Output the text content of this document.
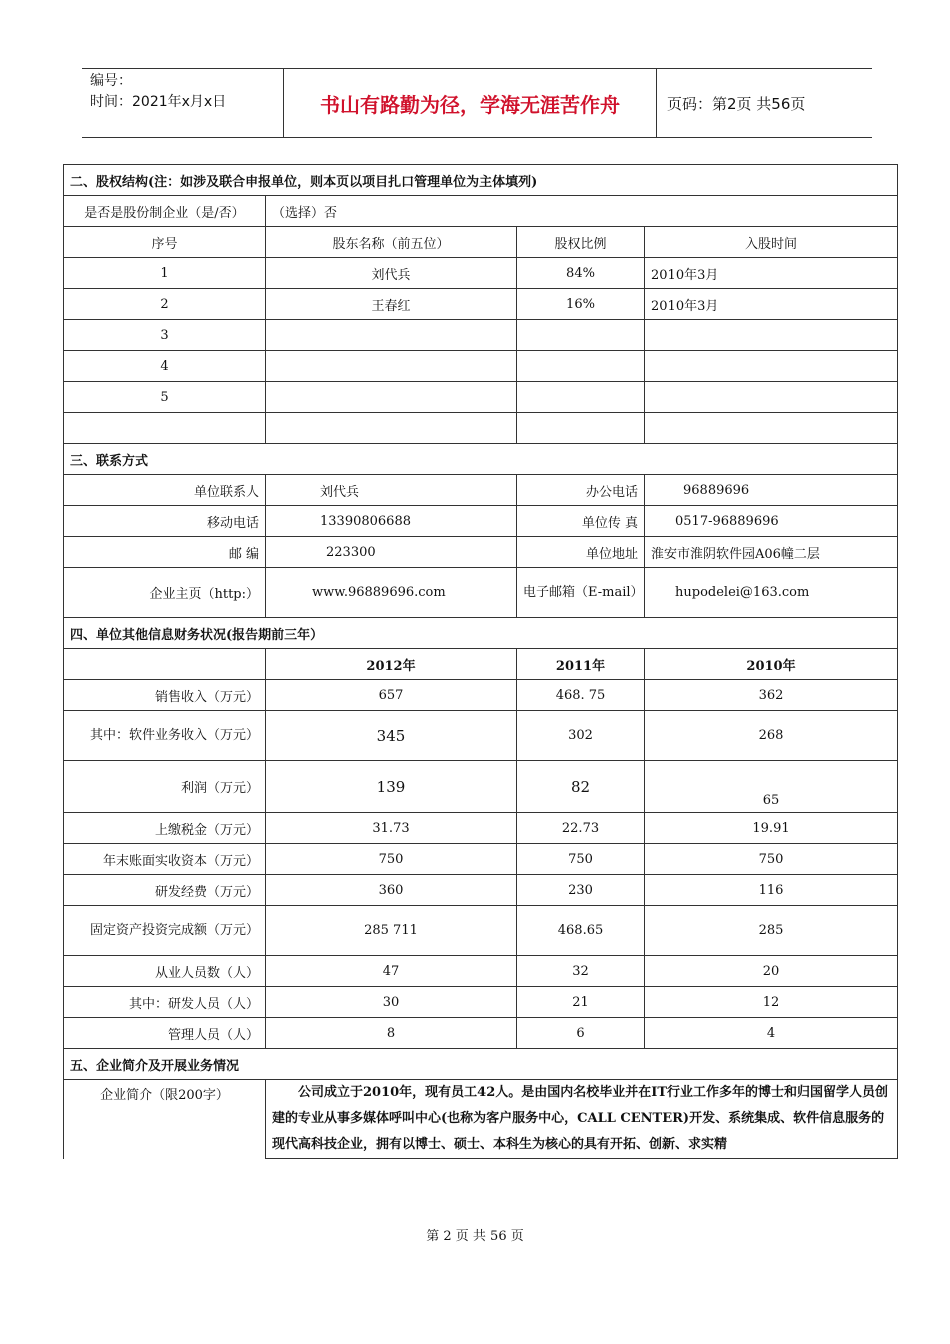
编号：
时间：2021年x月x日	书山有路勤为径，学海无涯苦作舟	页码：第2页 共56页
二、股权结构(注：如涉及联合申报单位，则本页以项目扎口管理单位为主体填列)			
是否是股份制企业（是/否）	（选择）否		
序号	股东名称（前五位）	股权比例	入股时间
1	刘代兵	84%	2010年3月
2	王春红	16%	2010年3月
3			
4			
5			

三、联系方式			
单位联系人	刘代兵	办公电话	96889696
移动电话	13390806688	单位传 真	0517-96889696
邮 编	223300	单位地址	淮安市淮阴软件园A06幢二层
企业主页（http:）	www.96889696.com	电子邮箱（E-mail）	hupodelei@163.com
四、单位其他信息财务状况(报告期前三年）			
	2012年	2011年	2010年
销售收入（万元）	657	468. 75	362
其中：软件业务收入（万元）	345	302	268
利润（万元）	139	82	65
上缴税金（万元）	31.73	22.73	19.91
年末账面实收资本（万元）	750	750	750
研发经费（万元）	360	230	116
固定资产投资完成额（万元）	285 711	468.65	285
从业人员数（人）	47	32	20
其中：研发人员（人）	30	21	12
管理人员（人）	8	6	4
五、企业简介及开展业务情况			
企业简介（限200字）	公司成立于2010年，现有员工42人。是由国内名校毕业并在IT行业工作多年的博士和归国留学人员创建的专业从事多媒体呼叫中心(也称为客户服务中心，CALL CENTER)开发、系统集成、软件信息服务的现代高科技企业，拥有以博士、硕士、本科生为核心的具有开拓、创新、求实精		
第 2 页 共 56 页
